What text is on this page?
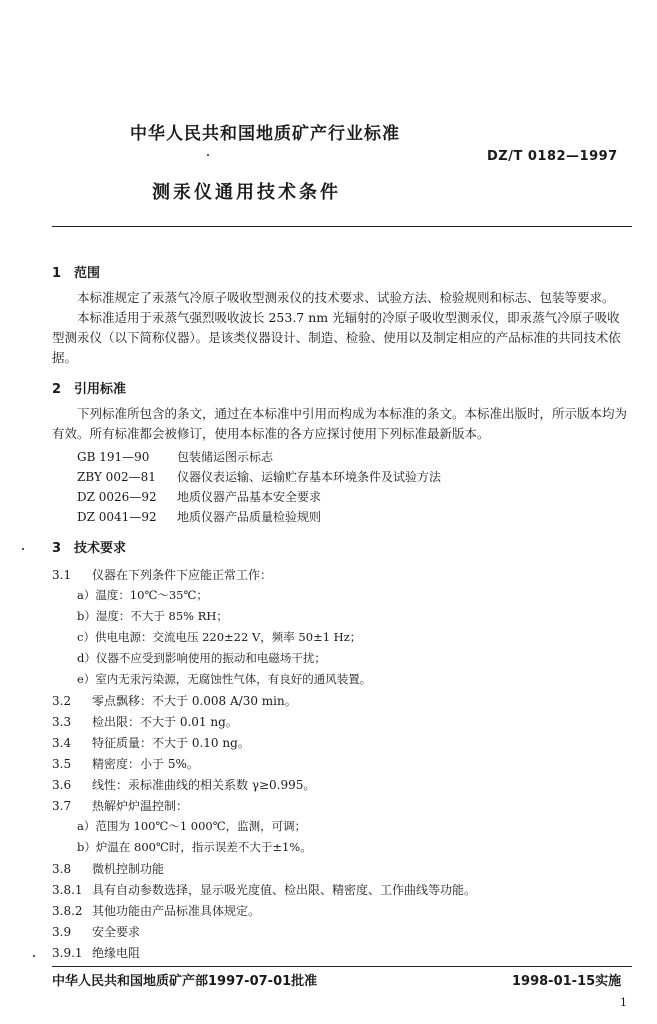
中华人民共和国地质矿产行业标准
DZ/T 0182—1997
测汞仪通用技术条件
1 范围
本标准规定了汞蒸气冷原子吸收型测汞仪的技术要求、试验方法、检验规则和标志、包装等要求。
本标准适用于汞蒸气强烈吸收波长 253.7 nm 光辐射的冷原子吸收型测汞仪，即汞蒸气冷原子吸收型测汞仪（以下简称仪器）。是该类仪器设计、制造、检验、使用以及制定相应的产品标准的共同技术依据。
2 引用标准
下列标准所包含的条文，通过在本标准中引用而构成为本标准的条文。本标准出版时，所示版本均为有效。所有标准都会被修订，使用本标准的各方应探讨使用下列标准最新版本。
GB 191—90 包装储运图示标志
ZBY 002—81 仪器仪表运输、运输贮存基本环境条件及试验方法
DZ 0026—92 地质仪器产品基本安全要求
DZ 0041—92 地质仪器产品质量检验规则
3 技术要求
3.1 仪器在下列条件下应能正常工作：
a）温度：10℃～35℃；
b）湿度：不大于 85% RH；
c）供电电源：交流电压 220±22 V，频率 50±1 Hz；
d）仪器不应受到影响使用的振动和电磁场干扰；
e）室内无汞污染源，无腐蚀性气体，有良好的通风装置。
3.2 零点飘移：不大于 0.008 A/30 min。
3.3 检出限：不大于 0.01 ng。
3.4 特征质量：不大于 0.10 ng。
3.5 精密度：小于 5%。
3.6 线性：汞标准曲线的相关系数 γ≥0.995。
3.7 热解炉炉温控制：
a）范围为 100℃～1 000℃，监测，可调；
b）炉温在 800℃时，指示误差不大于±1%。
3.8 微机控制功能
3.8.1 具有自动参数选择，显示吸光度值、检出限、精密度、工作曲线等功能。
3.8.2 其他功能由产品标准具体规定。
3.9 安全要求
3.9.1 绝缘电阻
中华人民共和国地质矿产部1997-07-01批准	1998-01-15实施
1
